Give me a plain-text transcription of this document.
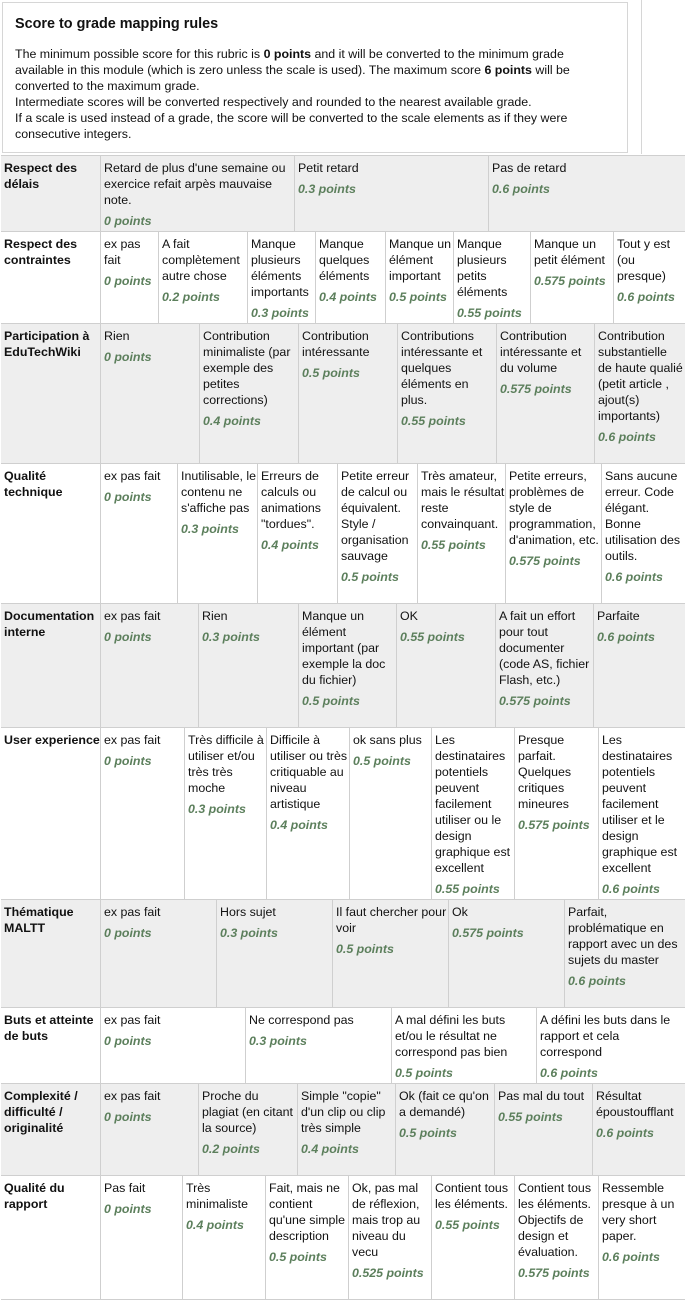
Score to grade mapping rules

The minimum possible score for this rubric is 0 points and it will be converted to the minimum grade available in this module (which is zero unless the scale is used). The maximum score 6 points will be converted to the maximum grade.

Intermediate scores will be converted respectively and rounded to the nearest available grade.

If a scale is used instead of a grade, the score will be converted to the scale elements as if they were consecutive integers.

Respect des délais
Retard de plus d'une semaine ou exercice refait arpès mauvaise note.
0 points
Petit retard
0.3 points
Pas de retard
0.6 points
Respect des contraintes
ex pas fait
0 points
A fait complètement autre chose
0.2 points
Manque plusieurs éléments importants
0.3 points
Manque quelques éléments
0.4 points
Manque un élément important
0.5 points
Manque plusieurs petits éléments
0.55 points
Manque un petit élément
0.575 points
Tout y est (ou presque)
0.6 points
Participation à EduTechWiki
Rien
0 points
Contribution minimaliste (par exemple des petites corrections)
0.4 points
Contribution intéressante
0.5 points
Contributions intéressante et quelques éléments en plus.
0.55 points
Contribution intéressante et du volume
0.575 points
Contribution substantielle de haute qualié (petit article , ajout(s) importants)
0.6 points
Qualité technique
ex pas fait
0 points
Inutilisable, le contenu ne s'affiche pas
0.3 points
Erreurs de calculs ou animations "tordues".
0.4 points
Petite erreur de calcul ou équivalent. Style / organisation sauvage
0.5 points
Très amateur, mais le résultat reste convainquant.
0.55 points
Petite erreurs, problèmes de style de programmation, d'animation, etc.
0.575 points
Sans aucune erreur. Code élégant. Bonne utilisation des outils.
0.6 points
Documentation interne
ex pas fait
0 points
Rien
0.3 points
Manque un élément important (par exemple la doc du fichier)
0.5 points
OK
0.55 points
A fait un effort pour tout documenter (code AS, fichier Flash, etc.)
0.575 points
Parfaite
0.6 points
User experience ex pas fait
0 points
Très difficile à utiliser et/ou très très moche
0.3 points
Difficile à utiliser ou très critiquable au niveau artistique
0.4 points
ok sans plus
0.5 points
Les destinataires potentiels peuvent facilement utiliser ou le design graphique est excellent
0.55 points
Presque parfait. Quelques critiques mineures
0.575 points
Les destinataires potentiels peuvent facilement utiliser et le design graphique est excellent
0.6 points
Thématique MALTT
ex pas fait
0 points
Hors sujet
0.3 points
Il faut chercher pour voir
0.5 points
Ok
0.575 points
Parfait, problématique en rapport avec un des sujets du master
0.6 points
Buts et atteinte de buts
ex pas fait
0 points
Ne correspond pas
0.3 points
A mal défini les buts et/ou le résultat ne correspond pas bien
0.5 points
A défini les buts dans le rapport et cela correspond
0.6 points
Complexité / difficulté / originalité
ex pas fait
0 points
Proche du plagiat (en citant la source)
0.2 points
Simple "copie" d'un clip ou clip très simple
0.4 points
Ok (fait ce qu'on a demandé)
0.5 points
Pas mal du tout
0.55 points
Résultat époustoufflant
0.6 points
Qualité du rapport
Pas fait
0 points
Très minimaliste
0.4 points
Fait, mais ne contient qu'une simple description
0.5 points
Ok, pas mal de réflexion, mais trop au niveau du vecu
0.525 points
Contient tous les éléments.
0.55 points
Contient tous les éléments. Objectifs de design et évaluation.
0.575 points
Ressemble presque à un very short paper.
0.6 points
